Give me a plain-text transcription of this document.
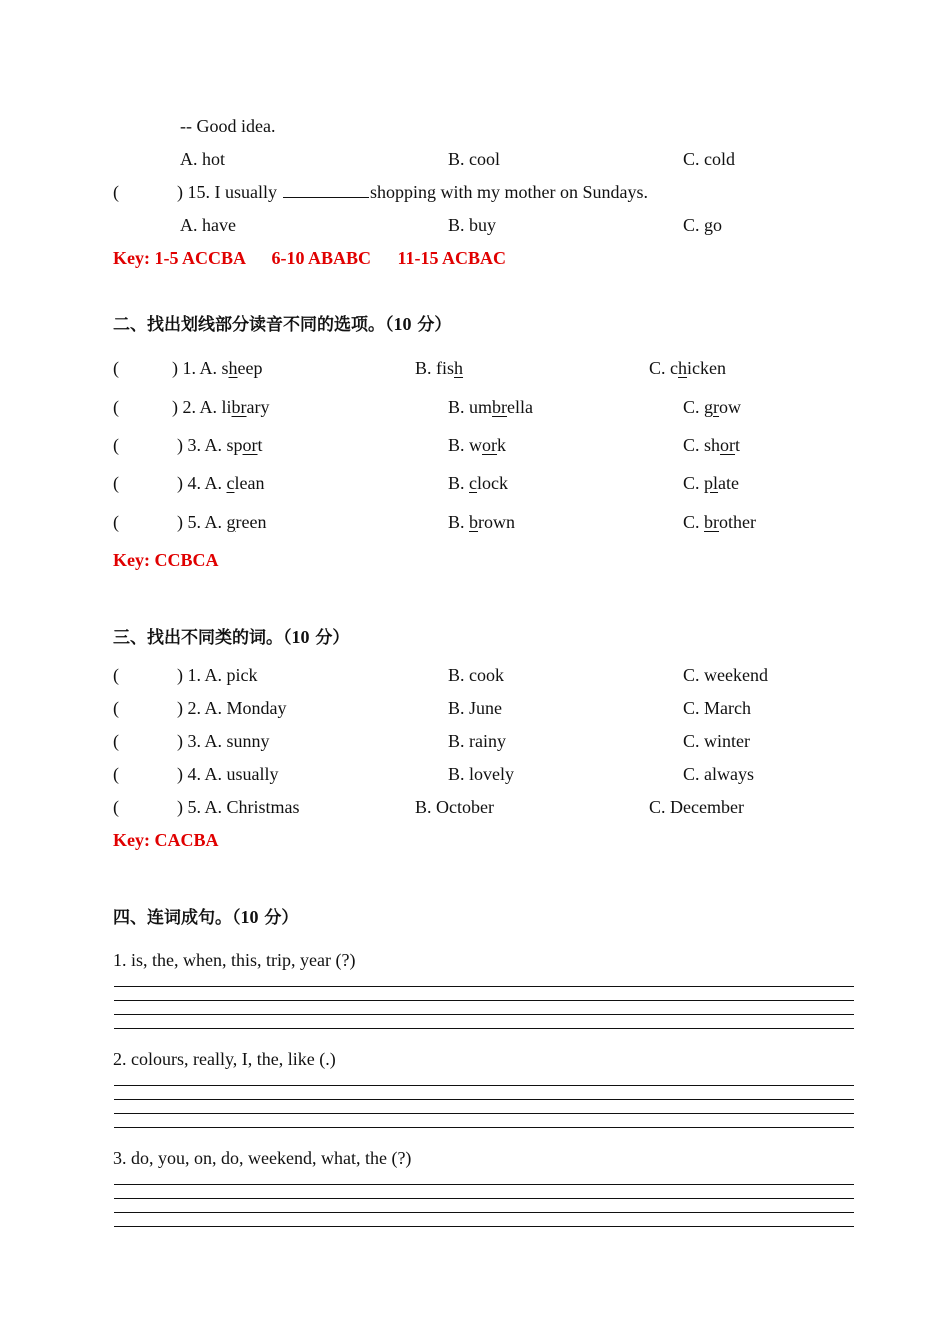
-- Good idea.
A. hot	B. cool	C. cold
(	) 15. I usually	shopping with my mother on Sundays.
A. have	B. buy	C. go
Key: 1-5 ACCBA 6-10 ABABC 11-15 ACBAC
二、找出划线部分读音不同的选项。（10 分）
(	) 1. A. sheep	B. fish	C. chicken
(	) 2. A. library	B. umbrella	C. grow
(	) 3. A. sport	B. work	C. short
(	) 4. A. clean	B. clock	C. plate
(	) 5. A. green	B. brown	C. brother
Key: CCBCA
三、找出不同类的词。（10 分）
(	) 1. A. pick	B. cook	C. weekend
(	) 2. A. Monday	B. June	C. March
(	) 3. A. sunny	B. rainy	C. winter
(	) 4. A. usually	B. lovely	C. always
(	) 5. A. Christmas	B. October	C. December
Key: CACBA
四、连词成句。（10 分）
1. is, the, when, this, trip, year (?)
2. colours, really, I, the, like (.)
3. do, you, on, do, weekend, what, the (?)
